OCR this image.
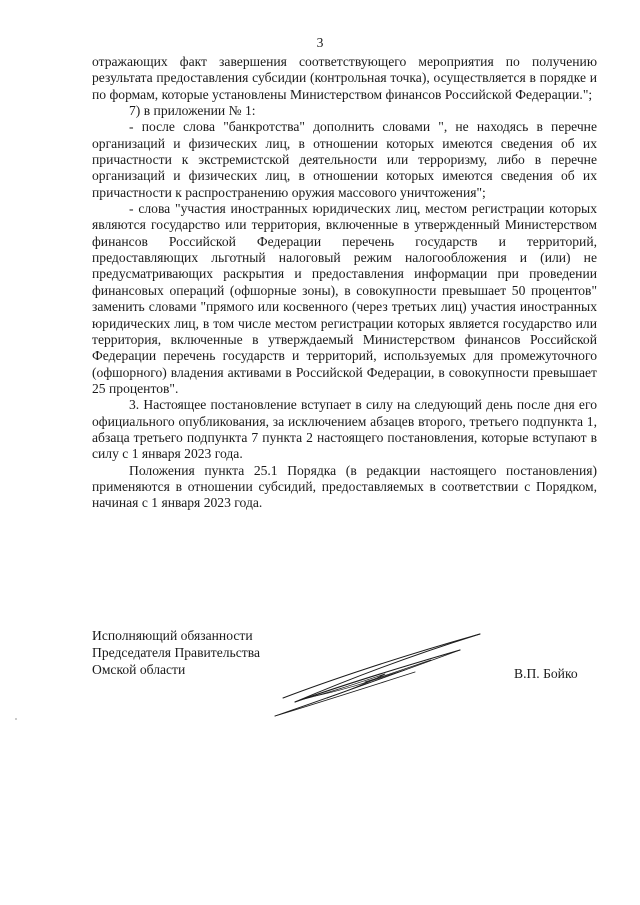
3

отражающих факт завершения соответствующего мероприятия по получению результата предоставления субсидии (контрольная точка), осуществляется в порядке и по формам, которые установлены Министерством финансов Российской Федерации.";

7) в приложении № 1:

- после слова "банкротства" дополнить словами ", не находясь в перечне организаций и физических лиц, в отношении которых имеются сведения об их причастности к экстремистской деятельности или терроризму, либо в перечне организаций и физических лиц, в отношении которых имеются сведения об их причастности к распространению оружия массового уничтожения";

- слова "участия иностранных юридических лиц, местом регистрации которых являются государство или территория, включенные в утвержденный Министерством финансов Российской Федерации перечень государств и территорий, предоставляющих льготный налоговый режим налогообложения и (или) не предусматривающих раскрытия и предоставления информации при проведении финансовых операций (офшорные зоны), в совокупности превышает 50 процентов" заменить словами "прямого или косвенного (через третьих лиц) участия иностранных юридических лиц, в том числе местом регистрации которых является государство или территория, включенные в утверждаемый Министерством финансов Российской Федерации перечень государств и территорий, используемых для промежуточного (офшорного) владения активами в Российской Федерации, в совокупности превышает 25 процентов".

3. Настоящее постановление вступает в силу на следующий день после дня его официального опубликования, за исключением абзацев второго, третьего подпункта 1, абзаца третьего подпункта 7 пункта 2 настоящего постановления, которые вступают в силу с 1 января 2023 года.

Положения пункта 25.1 Порядка (в редакции настоящего постановления) применяются в отношении субсидий, предоставляемых в соответствии с Порядком, начиная с 1 января 2023 года.

Исполняющий обязанности
Председателя Правительства
Омской области	В.П. Бойко
